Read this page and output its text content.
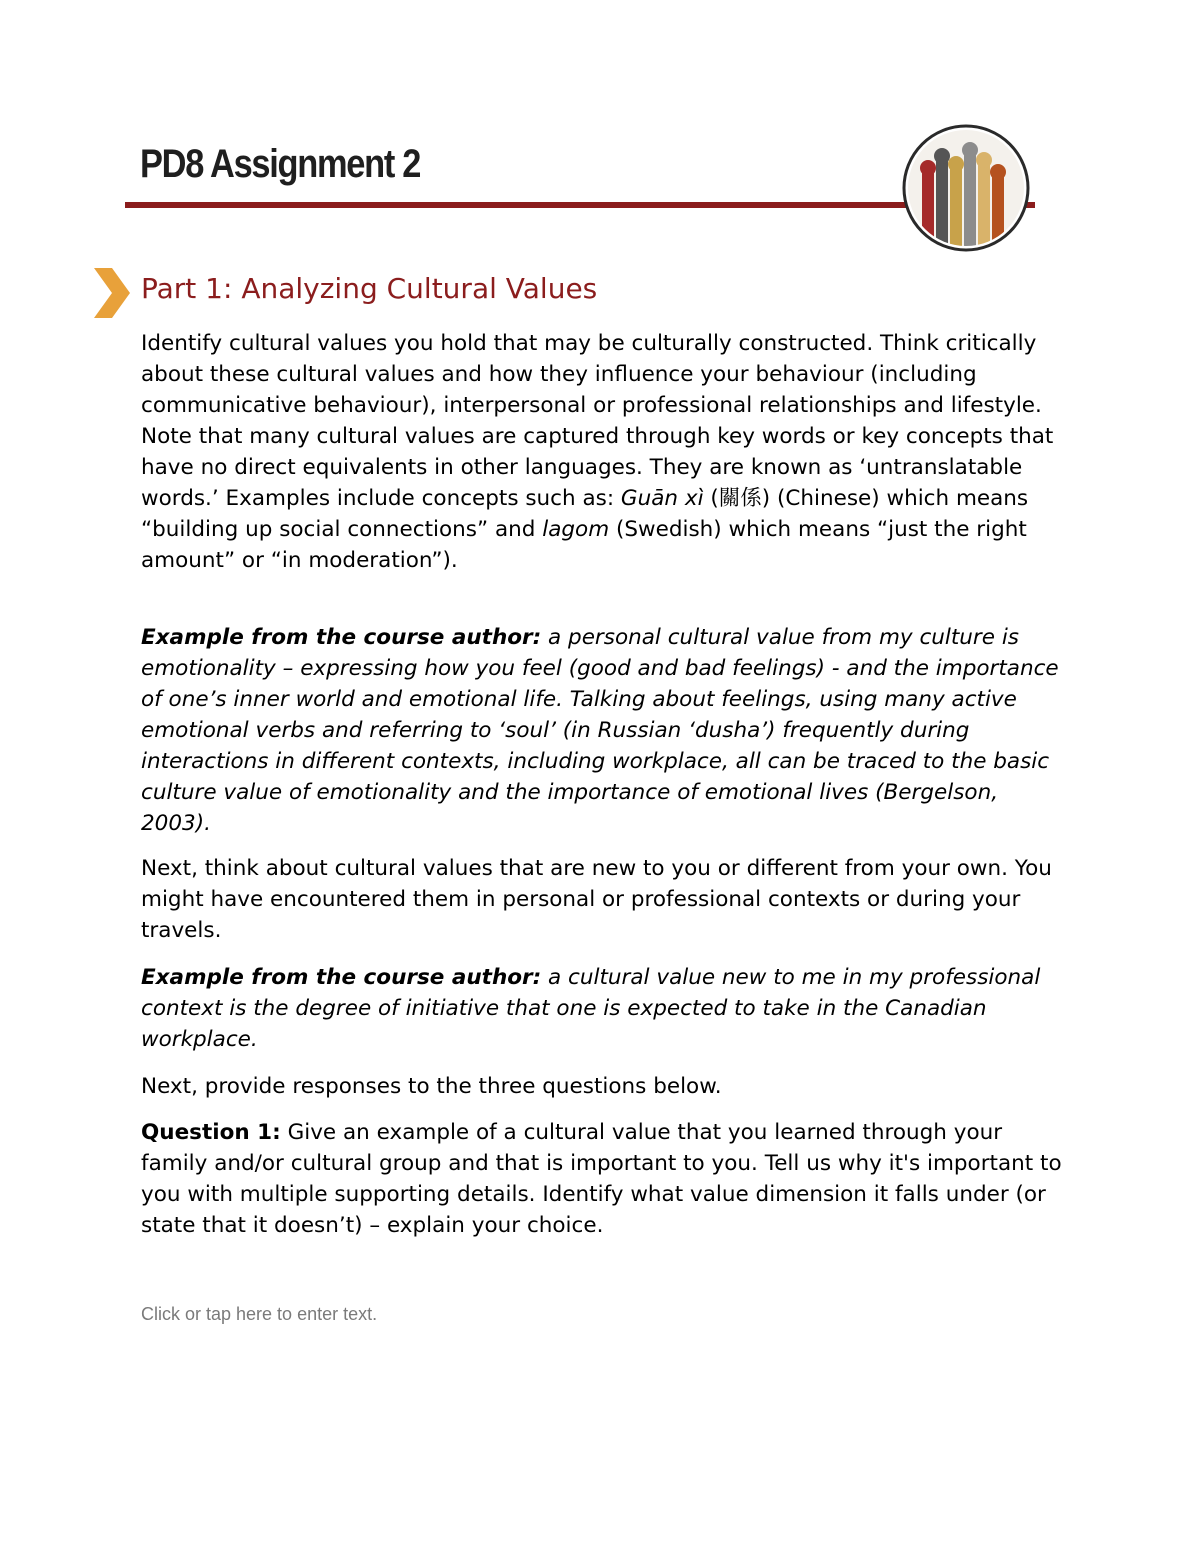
PD8 Assignment 2
Part 1: Analyzing Cultural Values

Identify cultural values you hold that may be culturally constructed. Think critically about these cultural values and how they influence your behaviour (including communicative behaviour), interpersonal or professional relationships and lifestyle. Note that many cultural values are captured through key words or key concepts that have no direct equivalents in other languages. They are known as ‘untranslatable words.’ Examples include concepts such as: Guān xì (關係) (Chinese) which means “building up social connections” and lagom (Swedish) which means “just the right amount” or “in moderation”).

Example from the course author: a personal cultural value from my culture is emotionality – expressing how you feel (good and bad feelings) - and the importance of one’s inner world and emotional life. Talking about feelings, using many active emotional verbs and referring to ‘soul’ (in Russian ‘dusha’) frequently during interactions in different contexts, including workplace, all can be traced to the basic culture value of emotionality and the importance of emotional lives (Bergelson, 2003).

Next, think about cultural values that are new to you or different from your own. You might have encountered them in personal or professional contexts or during your travels.

Example from the course author: a cultural value new to me in my professional context is the degree of initiative that one is expected to take in the Canadian workplace.

Next, provide responses to the three questions below.

Question 1: Give an example of a cultural value that you learned through your family and/or cultural group and that is important to you. Tell us why it's important to you with multiple supporting details. Identify what value dimension it falls under (or state that it doesn’t) – explain your choice.

Click or tap here to enter text.
